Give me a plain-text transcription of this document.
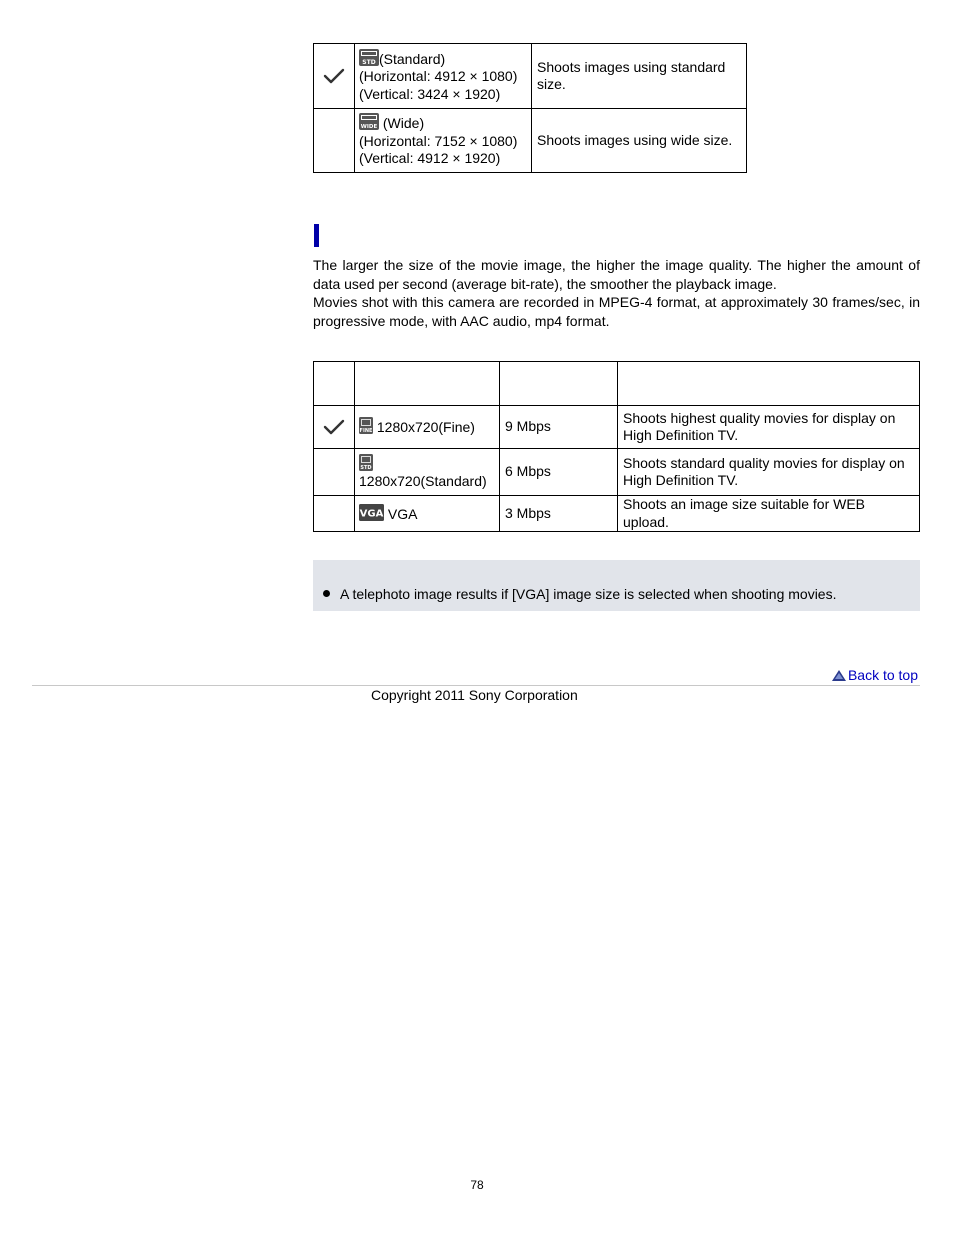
STD (Standard)
(Horizontal: 4912 × 1080)
(Vertical: 3424 × 1920)	Shoots images using standard size.

WIDE (Wide)
(Horizontal: 7152 × 1080)
(Vertical: 4912 × 1920)	Shoots images using wide size.

The larger the size of the movie image, the higher the image quality. The higher the amount of data used per second (average bit-rate), the smoother the playback image.

Movies shot with this camera are recorded in MPEG-4 format, at approximately 30 frames/sec, in progressive mode, with AAC audio, mp4 format.

FINE 1280x720(Fine)	9 Mbps	Shoots highest quality movies for display on High Definition TV.

STD
1280x720(Standard)	6 Mbps	Shoots standard quality movies for display on High Definition TV.

VGA VGA	3 Mbps	Shoots an image size suitable for WEB upload.
A telephoto image results if [VGA] image size is selected when shooting movies.
Back to top
Copyright 2011 Sony Corporation
78
